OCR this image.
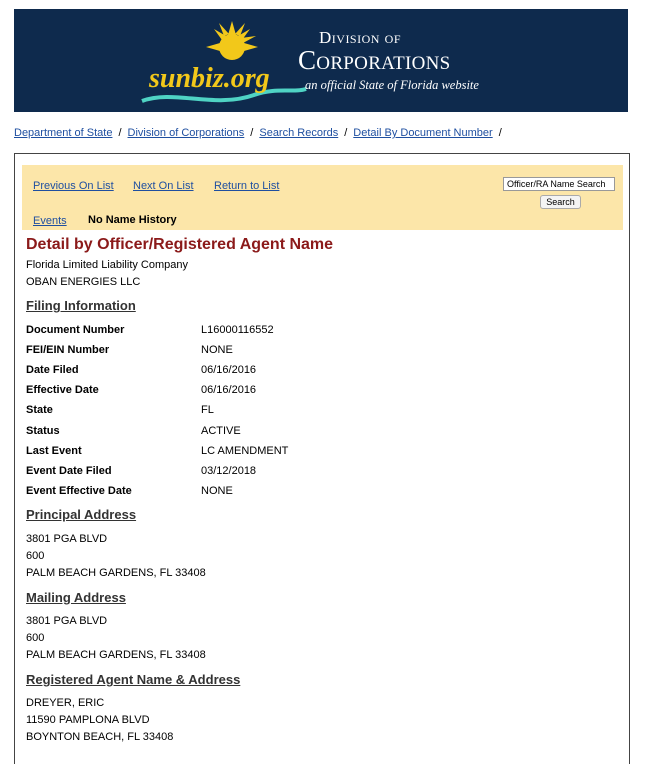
sunbiz.org
Division of
Corporations
an official State of Florida website
Department of State / Division of Corporations / Search Records / Detail By Document Number /
Previous On List Next On List Return to List
Officer/RA Name Search
Search
Events No Name History
Detail by Officer/Registered Agent Name
Florida Limited Liability Company
OBAN ENERGIES LLC
Filing Information
Document Number	L16000116552
FEI/EIN Number	NONE
Date Filed	06/16/2016
Effective Date	06/16/2016
State	FL
Status	ACTIVE
Last Event	LC AMENDMENT
Event Date Filed	03/12/2018
Event Effective Date	NONE
Principal Address
3801 PGA BLVD
600
PALM BEACH GARDENS, FL 33408
Mailing Address
3801 PGA BLVD
600
PALM BEACH GARDENS, FL 33408
Registered Agent Name & Address
DREYER, ERIC
11590 PAMPLONA BLVD
BOYNTON BEACH, FL 33408
